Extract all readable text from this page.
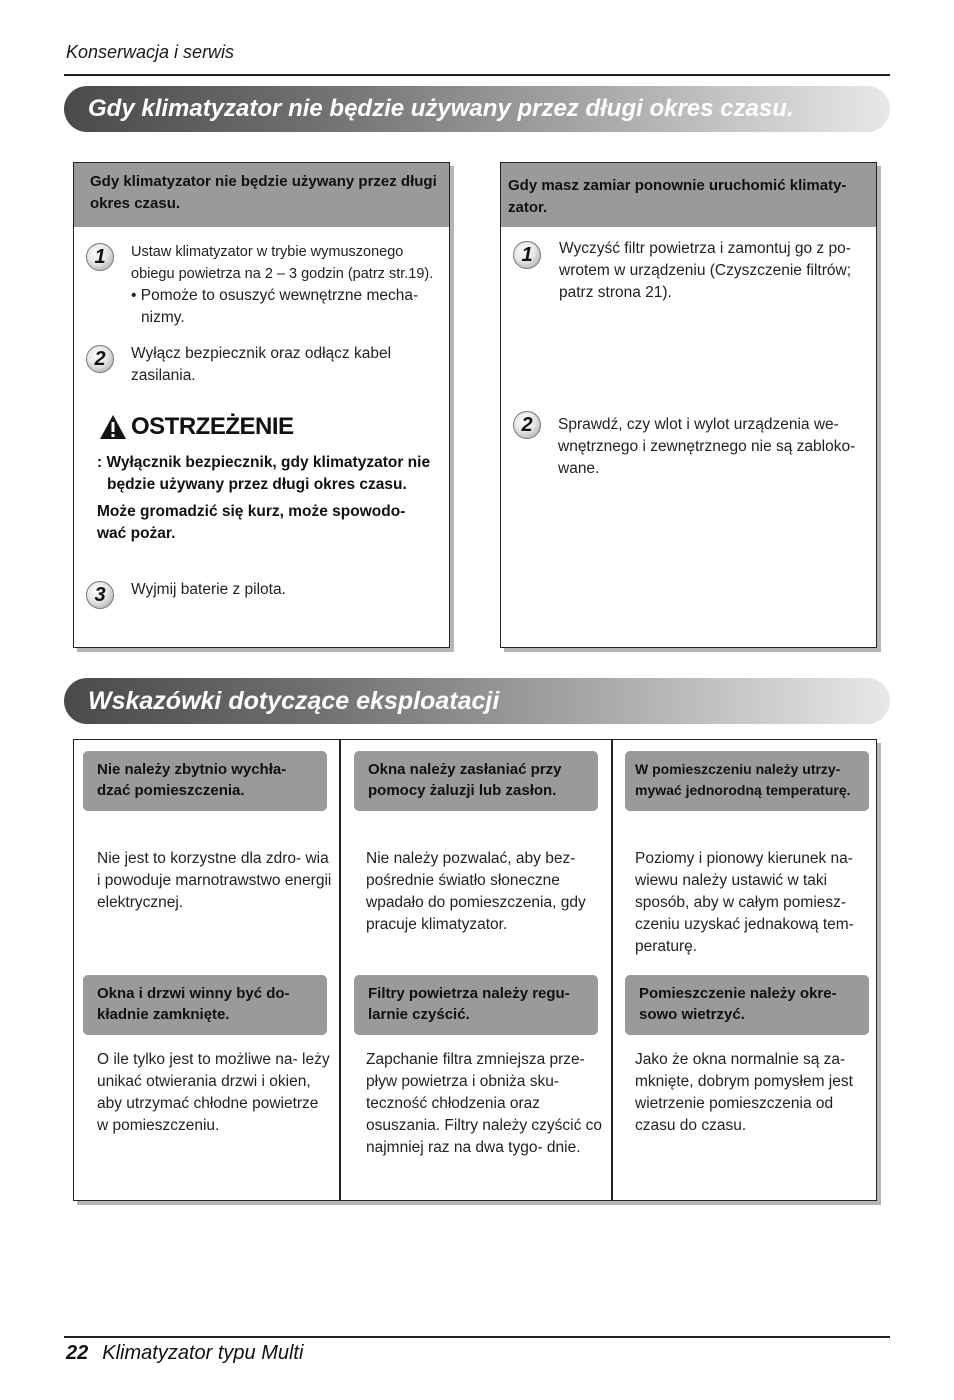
Konserwacja i serwis
Gdy klimatyzator nie będzie używany przez długi okres czasu.
Gdy klimatyzator nie będzie używany przez długi okres czasu.
1 Ustaw klimatyzator w trybie wymuszonego
obiegu powietrza na 2 – 3 godzin (patrz str.19).
• Pomoże to osuszyć wewnętrzne mecha-
nizmy.
2 Wyłącz bezpiecznik oraz odłącz kabel
zasilania.
OSTRZEŻENIE
: Wyłącznik bezpiecznik, gdy klimatyzator nie
będzie używany przez długi okres czasu.
Może gromadzić się kurz, może spowodo-
wać pożar.
3 Wyjmij baterie z pilota.
Gdy masz zamiar ponownie uruchomić klimaty- zator.
1 Wyczyść filtr powietrza i zamontuj go z po-
wrotem w urządzeniu (Czyszczenie filtrów;
patrz strona 21).
2 Sprawdź, czy wlot i wylot urządzenia we-
wnętrznego i zewnętrznego nie są zabloko-
wane.
Wskazówki dotyczące eksploatacji
Nie należy zbytnio wychła- dzać pomieszczenia.
Nie jest to korzystne dla zdro- wia i powoduje marnotrawstwo energii elektrycznej.
Okna należy zasłaniać przy pomocy żaluzji lub zasłon.
Nie należy pozwalać, aby bez- pośrednie światło słoneczne wpadało do pomieszczenia, gdy pracuje klimatyzator.
W pomieszczeniu należy utrzy- mywać jednorodną temperaturę.
Poziomy i pionowy kierunek na- wiewu należy ustawić w taki sposób, aby w całym pomiesz- czeniu uzyskać jednakową tem- peraturę.
Okna i drzwi winny być do- kładnie zamknięte.
O ile tylko jest to możliwe na- leży unikać otwierania drzwi i okien, aby utrzymać chłodne powietrze w pomieszczeniu.
Filtry powietrza należy regu- larnie czyścić.
Zapchanie filtra zmniejsza prze- pływ powietrza i obniża sku- teczność chłodzenia oraz osuszania. Filtry należy czyścić co najmniej raz na dwa tygo- dnie.
Pomieszczenie należy okre- sowo wietrzyć.
Jako że okna normalnie są za- mknięte, dobrym pomysłem jest wietrzenie pomieszczenia od czasu do czasu.
22 Klimatyzator typu Multi
